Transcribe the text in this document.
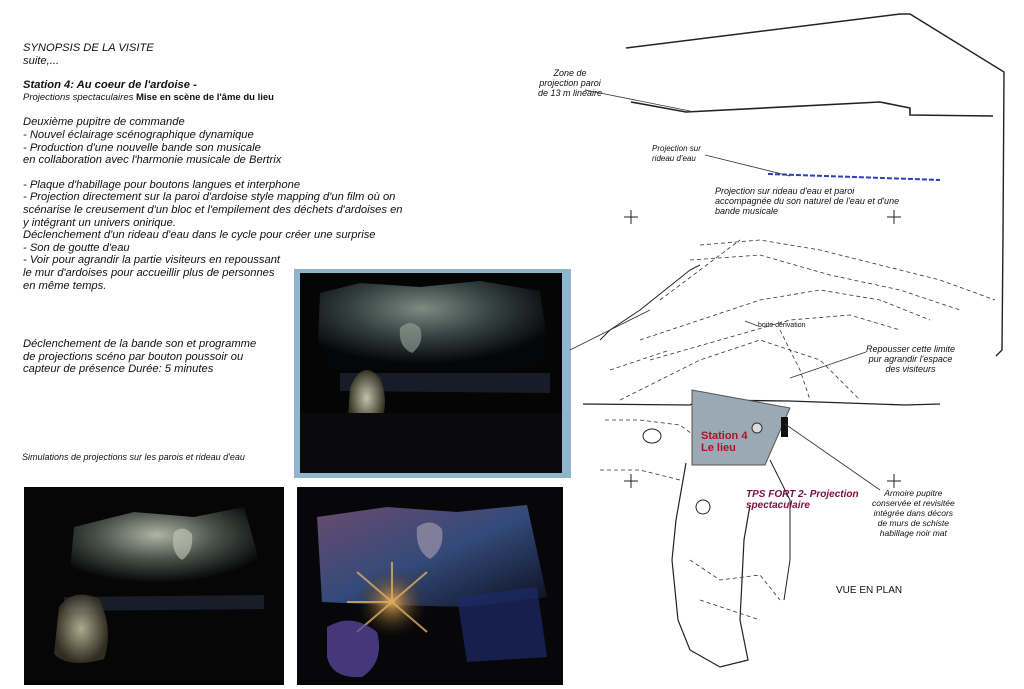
SYNOPSIS DE LA VISITE
suite,...
Station 4: Au coeur de l'ardoise -
Projections spectaculaires Mise en scène de l'âme du lieu
Deuxième pupitre de commande
- Nouvel éclairage scénographique dynamique
- Production d'une nouvelle bande son musicale
en collaboration avec l'harmonie musicale de Bertrix
- Plaque d'habillage pour boutons langues et interphone
- Projection directement sur la paroi d'ardoise style mapping d'un film où on
scénarise le creusement d'un bloc et l'empilement des déchets d'ardoises en
y intégrant un univers onirique.
Déclenchement d'un rideau d'eau dans le cycle pour créer une surprise
- Son de goutte d'eau
- Voir pour agrandir la partie visiteurs en repoussant
le mur d'ardoises pour accueillir plus de personnes
en même temps.
Déclenchement de la bande son et programme
de projections scéno par bouton poussoir ou
capteur de présence Durée: 5 minutes
Simulations de projections sur les parois et rideau d'eau
Zone de
projection paroi
de 13 m linéaire
Projection sur
rideau d'eau
Projection sur rideau d'eau et paroi
accompagnée du son naturel de l'eau et d'une
bande musicale
boite dérivation
Repousser cette limite
pur agrandir l'espace
des visiteurs
Station 4
Le lieu
TPS FORT 2- Projection
spectaculaire
Armoire pupitre
conservée et revisitée
intégrée dans décors
de murs de schiste
habillage noir mat
VUE EN PLAN
